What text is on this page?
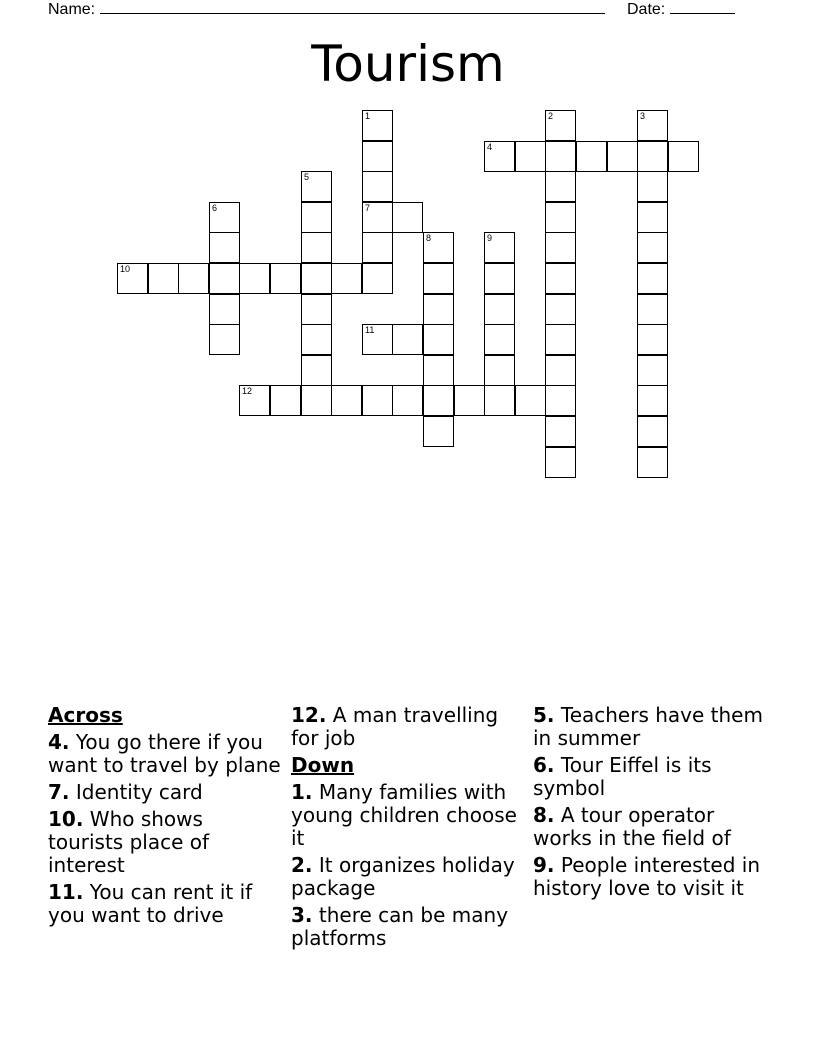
Name:	Date:
Tourism
1
7
2	3
4
5
6
8	9
10
11
12
Across
4. You go there if you want to travel by plane
7. Identity card
10. Who shows tourists place of interest
11. You can rent it if you want to drive
12. A man travelling for job
Down
1. Many families with young children choose it
2. It organizes holiday package
3. there can be many platforms
5. Teachers have them in summer
6. Tour Eiffel is its symbol
8. A tour operator works in the field of
9. People interested in history love to visit it
